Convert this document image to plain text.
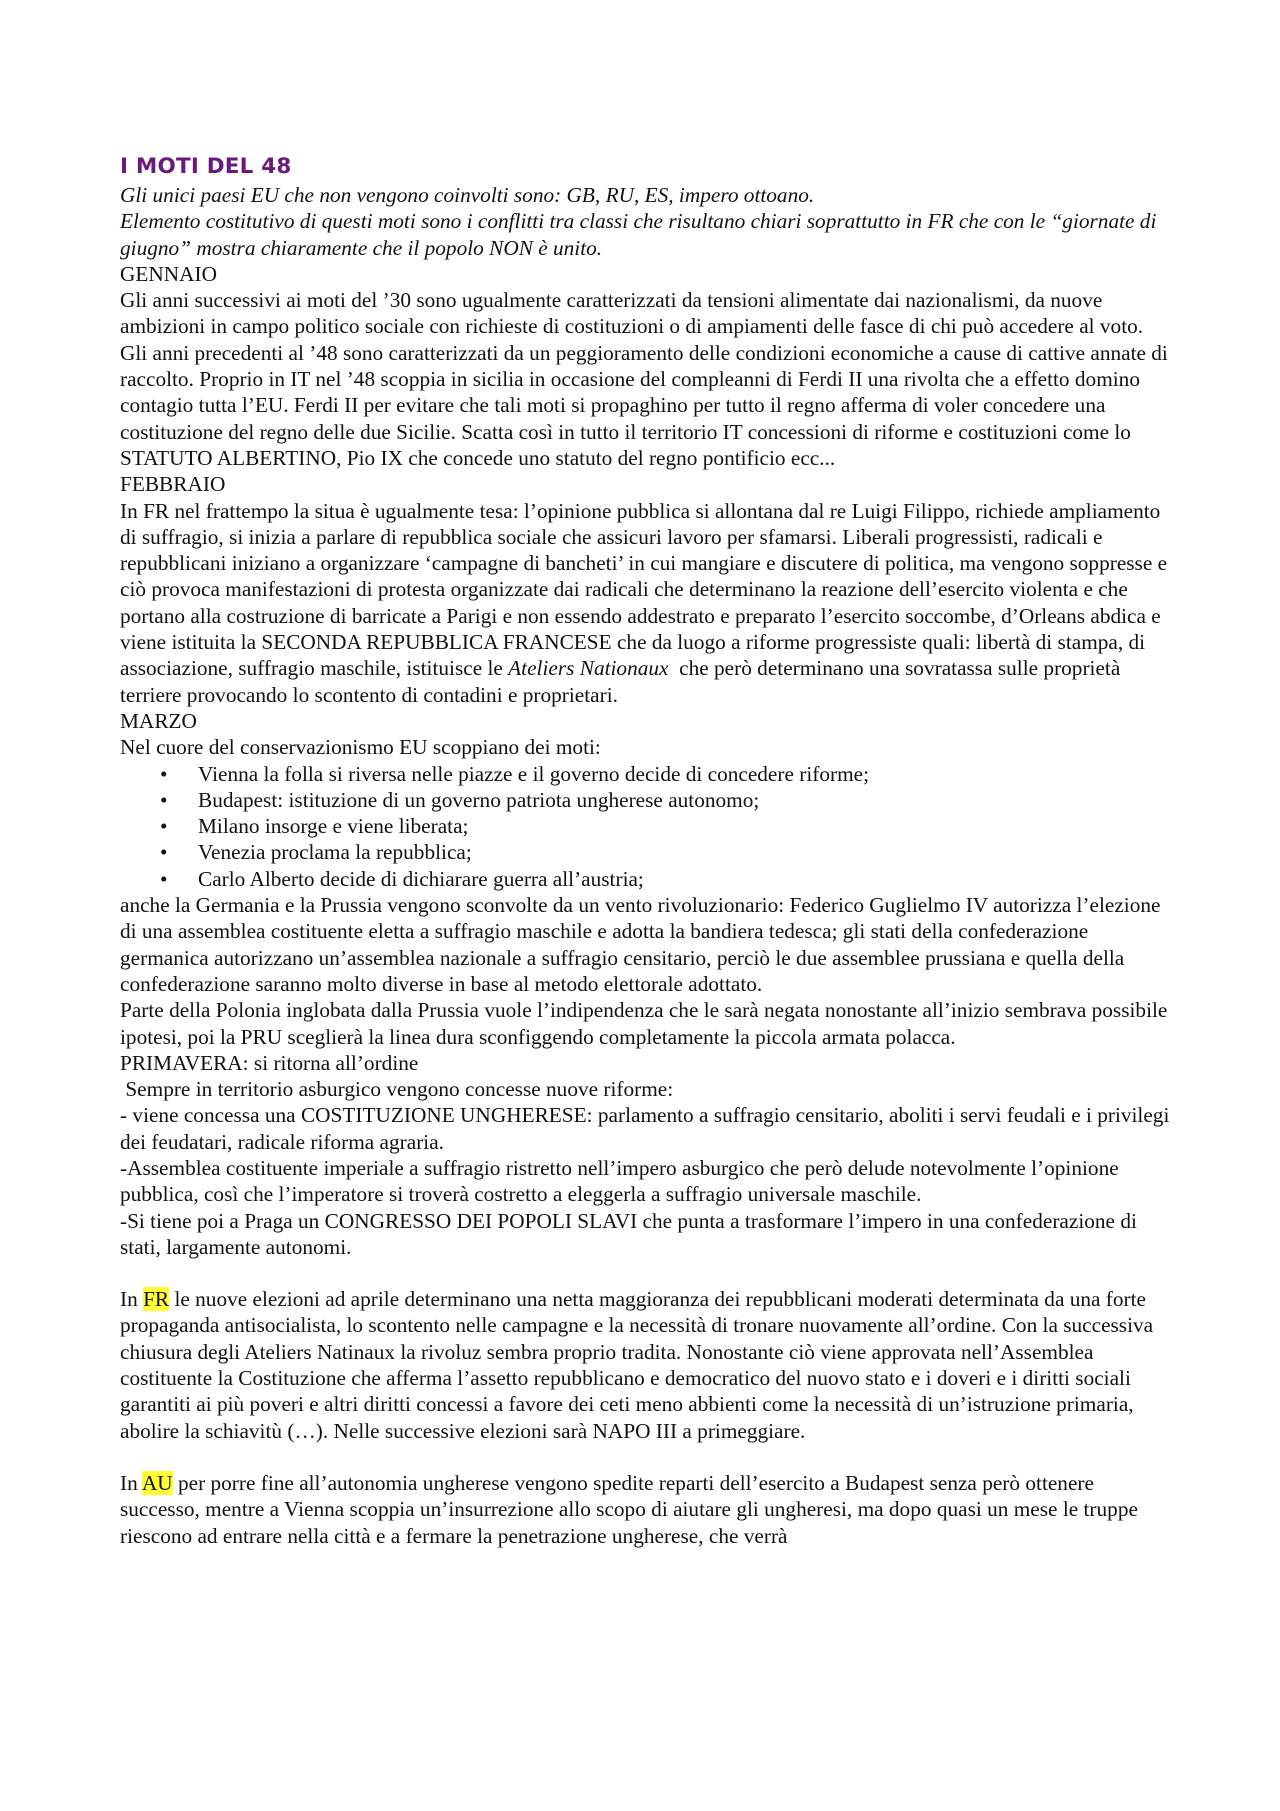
I MOTI DEL 48

Gli unici paesi EU che non vengono coinvolti sono: GB, RU, ES, impero ottoano.

Elemento costitutivo di questi moti sono i conflitti tra classi che risultano chiari soprattutto in FR che con le “giornate di giugno” mostra chiaramente che il popolo NON è unito.

GENNAIO

Gli anni successivi ai moti del ’30 sono ugualmente caratterizzati da tensioni alimentate dai nazionalismi, da nuove ambizioni in campo politico sociale con richieste di costituzioni o di ampiamenti delle fasce di chi può accedere al voto. Gli anni precedenti al ’48 sono caratterizzati da un peggioramento delle condizioni economiche a cause di cattive annate di raccolto. Proprio in IT nel ’48 scoppia in sicilia in occasione del compleanni di Ferdi II una rivolta che a effetto domino contagio tutta l’EU. Ferdi II per evitare che tali moti si propaghino per tutto il regno afferma di voler concedere una costituzione del regno delle due Sicilie. Scatta così in tutto il territorio IT concessioni di riforme e costituzioni come lo STATUTO ALBERTINO, Pio IX che concede uno statuto del regno pontificio ecc...

FEBBRAIO

In FR nel frattempo la situa è ugualmente tesa: l’opinione pubblica si allontana dal re Luigi Filippo, richiede ampliamento di suffragio, si inizia a parlare di repubblica sociale che assicuri lavoro per sfamarsi. Liberali progressisti, radicali e repubblicani iniziano a organizzare ‘campagne di bancheti’ in cui mangiare e discutere di politica, ma vengono soppresse e ciò provoca manifestazioni di protesta organizzate dai radicali che determinano la reazione dell’esercito violenta e che portano alla costruzione di barricate a Parigi e non essendo addestrato e preparato l’esercito soccombe, d’Orleans abdica e viene istituita la SECONDA REPUBBLICA FRANCESE che da luogo a riforme progressiste quali: libertà di stampa, di associazione, suffragio maschile, istituisce le Ateliers Nationaux  che però determinano una sovratassa sulle proprietà terriere provocando lo scontento di contadini e proprietari.

MARZO

Nel cuore del conservazionismo EU scoppiano dei moti:

• Vienna la folla si riversa nelle piazze e il governo decide di concedere riforme;
• Budapest: istituzione di un governo patriota ungherese autonomo;
• Milano insorge e viene liberata;
• Venezia proclama la repubblica;
• Carlo Alberto decide di dichiarare guerra all’austria;

anche la Germania e la Prussia vengono sconvolte da un vento rivoluzionario: Federico Guglielmo IV autorizza l’elezione di una assemblea costituente eletta a suffragio maschile e adotta la bandiera tedesca; gli stati della confederazione germanica autorizzano un’assemblea nazionale a suffragio censitario, perciò le due assemblee prussiana e quella della confederazione saranno molto diverse in base al metodo elettorale adottato.

Parte della Polonia inglobata dalla Prussia vuole l’indipendenza che le sarà negata nonostante all’inizio sembrava possibile ipotesi, poi la PRU sceglierà la linea dura sconfiggendo completamente la piccola armata polacca.

PRIMAVERA: si ritorna all’ordine

Sempre in territorio asburgico vengono concesse nuove riforme:

- viene concessa una COSTITUZIONE UNGHERESE: parlamento a suffragio censitario, aboliti i servi feudali e i privilegi dei feudatari, radicale riforma agraria.

-Assemblea costituente imperiale a suffragio ristretto nell’impero asburgico che però delude notevolmente l’opinione pubblica, così che l’imperatore si troverà costretto a eleggerla a suffragio universale maschile.

-Si tiene poi a Praga un CONGRESSO DEI POPOLI SLAVI che punta a trasformare l’impero in una confederazione di stati, largamente autonomi.

In FR le nuove elezioni ad aprile determinano una netta maggioranza dei repubblicani moderati determinata da una forte propaganda antisocialista, lo scontento nelle campagne e la necessità di tronare nuovamente all’ordine. Con la successiva chiusura degli Ateliers Natinaux la rivoluz sembra proprio tradita. Nonostante ciò viene approvata nell’Assemblea costituente la Costituzione che afferma l’assetto repubblicano e democratico del nuovo stato e i doveri e i diritti sociali garantiti ai più poveri e altri diritti concessi a favore dei ceti meno abbienti come la necessità di un’istruzione primaria, abolire la schiavitù (…). Nelle successive elezioni sarà NAPO III a primeggiare.

In AU per porre fine all’autonomia ungherese vengono spedite reparti dell’esercito a Budapest senza però ottenere successo, mentre a Vienna scoppia un’insurrezione allo scopo di aiutare gli ungheresi, ma dopo quasi un mese le truppe riescono ad entrare nella città e a fermare la penetrazione ungherese, che verrà
